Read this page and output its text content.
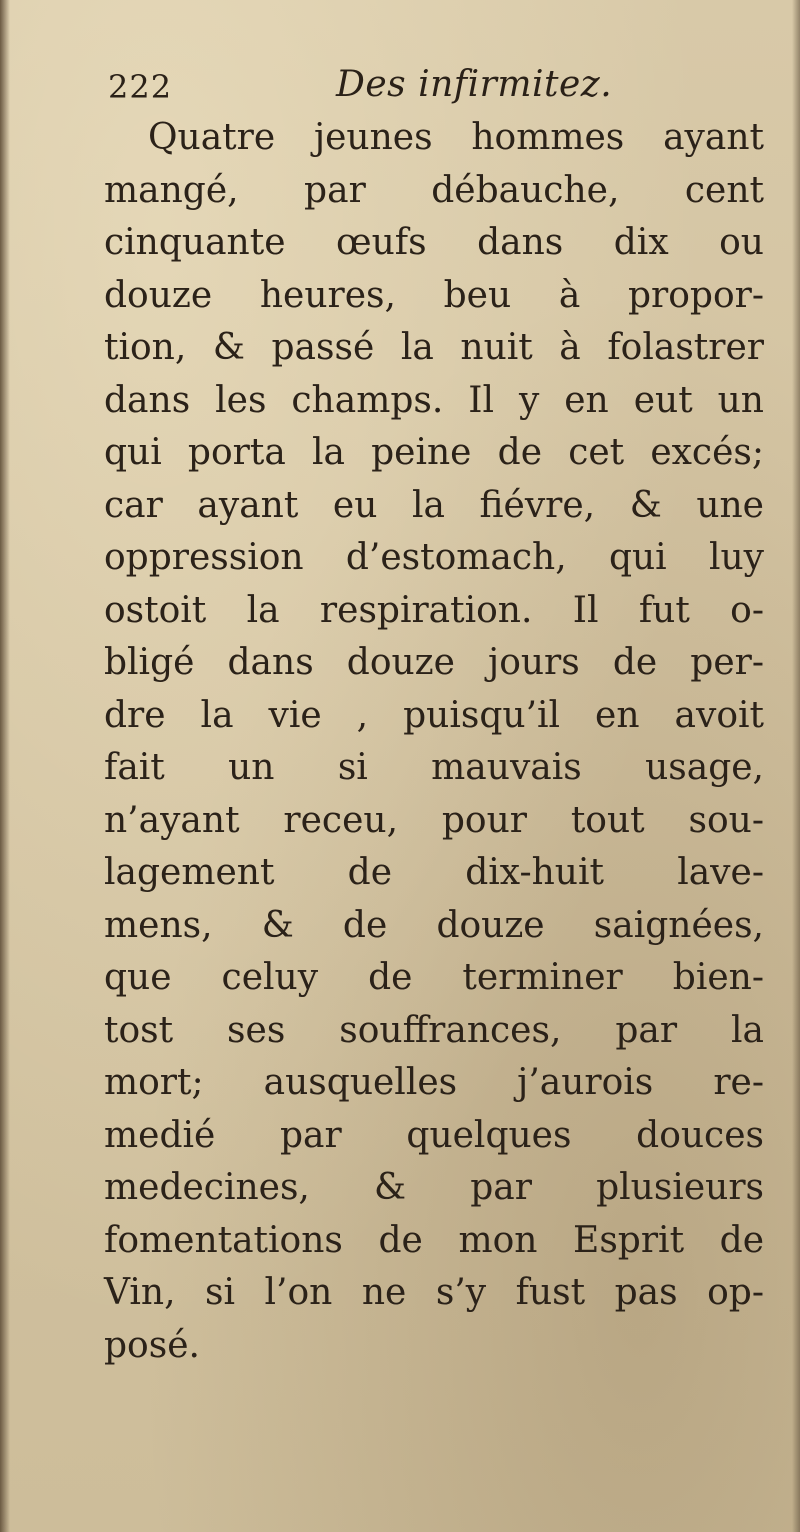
222	Des infirmitez.
Quatre jeunes hommes ayant
mangé, par débauche, cent
cinquante œufs dans dix ou
douze heures, beu à propor-
tion, & passé la nuit à folastrer
dans les champs. Il y en eut un
qui porta la peine de cet excés;
car ayant eu la fiévre, & une
oppression d’estomach, qui luy
ostoit la respiration. Il fut o-
bligé dans douze jours de per-
dre la vie , puisqu’il en avoit
fait un si mauvais usage,
n’ayant receu, pour tout sou-
lagement de dix-huit lave-
mens, & de douze saignées,
que celuy de terminer bien-
tost ses souffrances, par la
mort; ausquelles j’aurois re-
medié par quelques douces
medecines, & par plusieurs
fomentations de mon Esprit de
Vin, si l’on ne s’y fust pas op-
posé.
